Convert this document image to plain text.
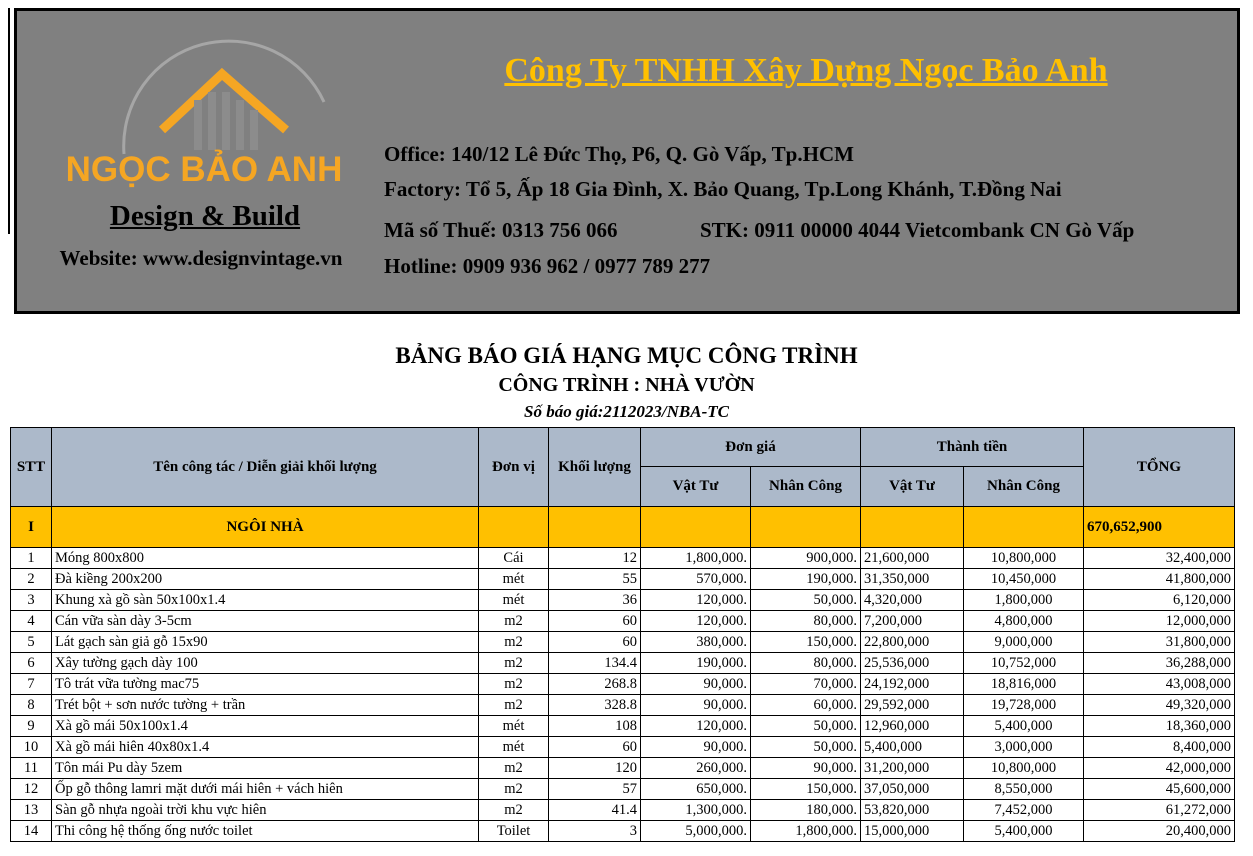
NGỌC BẢO ANH
Design & Build
Website: www.designvintage.vn
Công Ty TNHH Xây Dựng Ngọc Bảo Anh
Office: 140/12 Lê Đức Thọ, P6, Q. Gò Vấp, Tp.HCM
Factory: Tổ 5, Ấp 18 Gia Đình, X. Bảo Quang, Tp.Long Khánh, T.Đồng Nai
Mã số Thuế: 0313 756 066	STK: 0911 00000 4044 Vietcombank CN Gò Vấp
Hotline: 0909 936 962 / 0977 789 277
BẢNG BÁO GIÁ HẠNG MỤC CÔNG TRÌNH
CÔNG TRÌNH : NHÀ VƯỜN
Số báo giá:2112023/NBA-TC
STT	Tên công tác / Diễn giải khối lượng	Đơn vị	Khối lượng	Đơn giá		Thành tiền		TỔNG
				Vật Tư	Nhân Công	Vật Tư	Nhân Công	
I	NGÔI NHÀ							670,652,900
1	Móng 800x800	Cái	12	1,800,000.	900,000.	21,600,000	10,800,000	32,400,000
2	Đà kiềng 200x200	mét	55	570,000.	190,000.	31,350,000	10,450,000	41,800,000
3	Khung xà gồ sàn 50x100x1.4	mét	36	120,000.	50,000.	4,320,000	1,800,000	6,120,000
4	Cán vữa sàn dày 3-5cm	m2	60	120,000.	80,000.	7,200,000	4,800,000	12,000,000
5	Lát gạch sàn giả gỗ 15x90	m2	60	380,000.	150,000.	22,800,000	9,000,000	31,800,000
6	Xây tường gạch dày 100	m2	134.4	190,000.	80,000.	25,536,000	10,752,000	36,288,000
7	Tô trát vữa tường mac75	m2	268.8	90,000.	70,000.	24,192,000	18,816,000	43,008,000
8	Trét bột + sơn nước tường + trần	m2	328.8	90,000.	60,000.	29,592,000	19,728,000	49,320,000
9	Xà gồ mái 50x100x1.4	mét	108	120,000.	50,000.	12,960,000	5,400,000	18,360,000
10	Xà gồ mái hiên 40x80x1.4	mét	60	90,000.	50,000.	5,400,000	3,000,000	8,400,000
11	Tôn mái Pu dày 5zem	m2	120	260,000.	90,000.	31,200,000	10,800,000	42,000,000
12	Ốp gỗ thông lamri mặt dưới mái hiên + vách hiên	m2	57	650,000.	150,000.	37,050,000	8,550,000	45,600,000
13	Sàn gỗ nhựa ngoài trời khu vực hiên	m2	41.4	1,300,000.	180,000.	53,820,000	7,452,000	61,272,000
14	Thi công hệ thống ống nước toilet	Toilet	3	5,000,000.	1,800,000.	15,000,000	5,400,000	20,400,000
